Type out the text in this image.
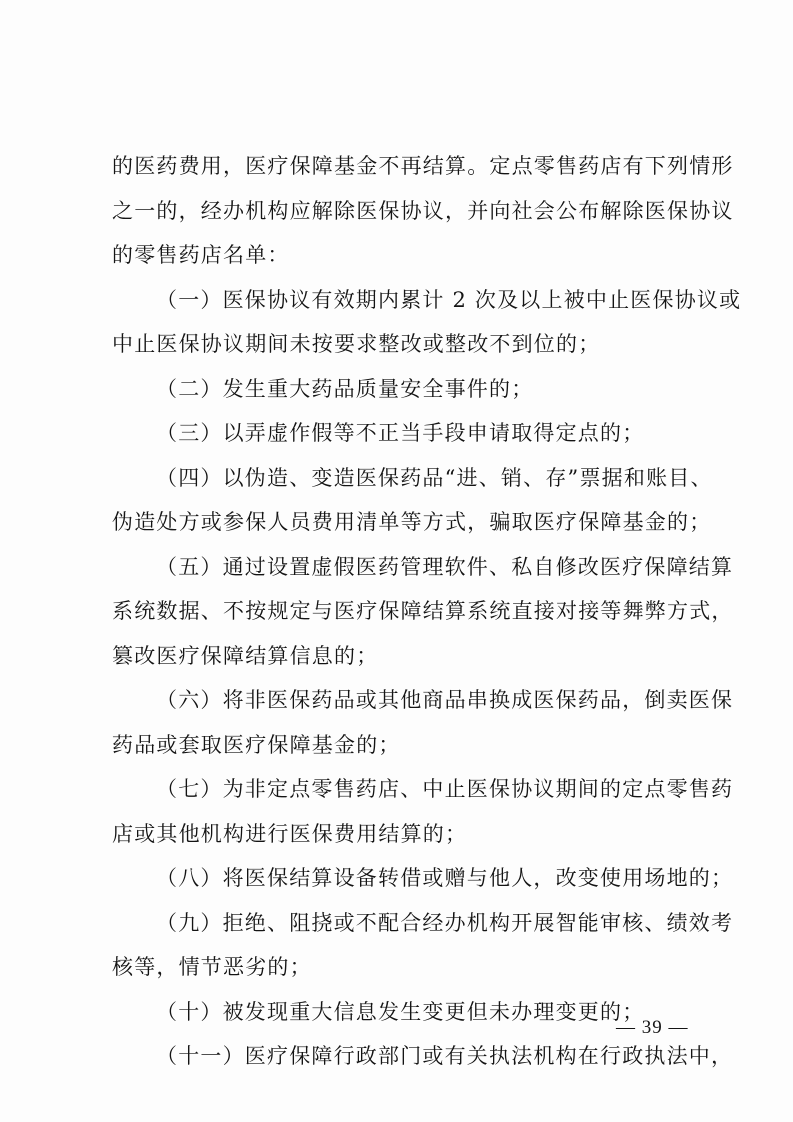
的医药费用，医疗保障基金不再结算。定点零售药店有下列情形
之一的，经办机构应解除医保协议，并向社会公布解除医保协议
的零售药店名单：
（一）医保协议有效期内累计 2 次及以上被中止医保协议或
中止医保协议期间未按要求整改或整改不到位的；
（二）发生重大药品质量安全事件的；
（三）以弄虚作假等不正当手段申请取得定点的；
（四）以伪造、变造医保药品“进、销、存”票据和账目、
伪造处方或参保人员费用清单等方式，骗取医疗保障基金的；
（五）通过设置虚假医药管理软件、私自修改医疗保障结算
系统数据、不按规定与医疗保障结算系统直接对接等舞弊方式，
篡改医疗保障结算信息的；
（六）将非医保药品或其他商品串换成医保药品，倒卖医保
药品或套取医疗保障基金的；
（七）为非定点零售药店、中止医保协议期间的定点零售药
店或其他机构进行医保费用结算的；
（八）将医保结算设备转借或赠与他人，改变使用场地的；
（九）拒绝、阻挠或不配合经办机构开展智能审核、绩效考
核等，情节恶劣的；
（十）被发现重大信息发生变更但未办理变更的；
（十一）医疗保障行政部门或有关执法机构在行政执法中，
— 39 —
